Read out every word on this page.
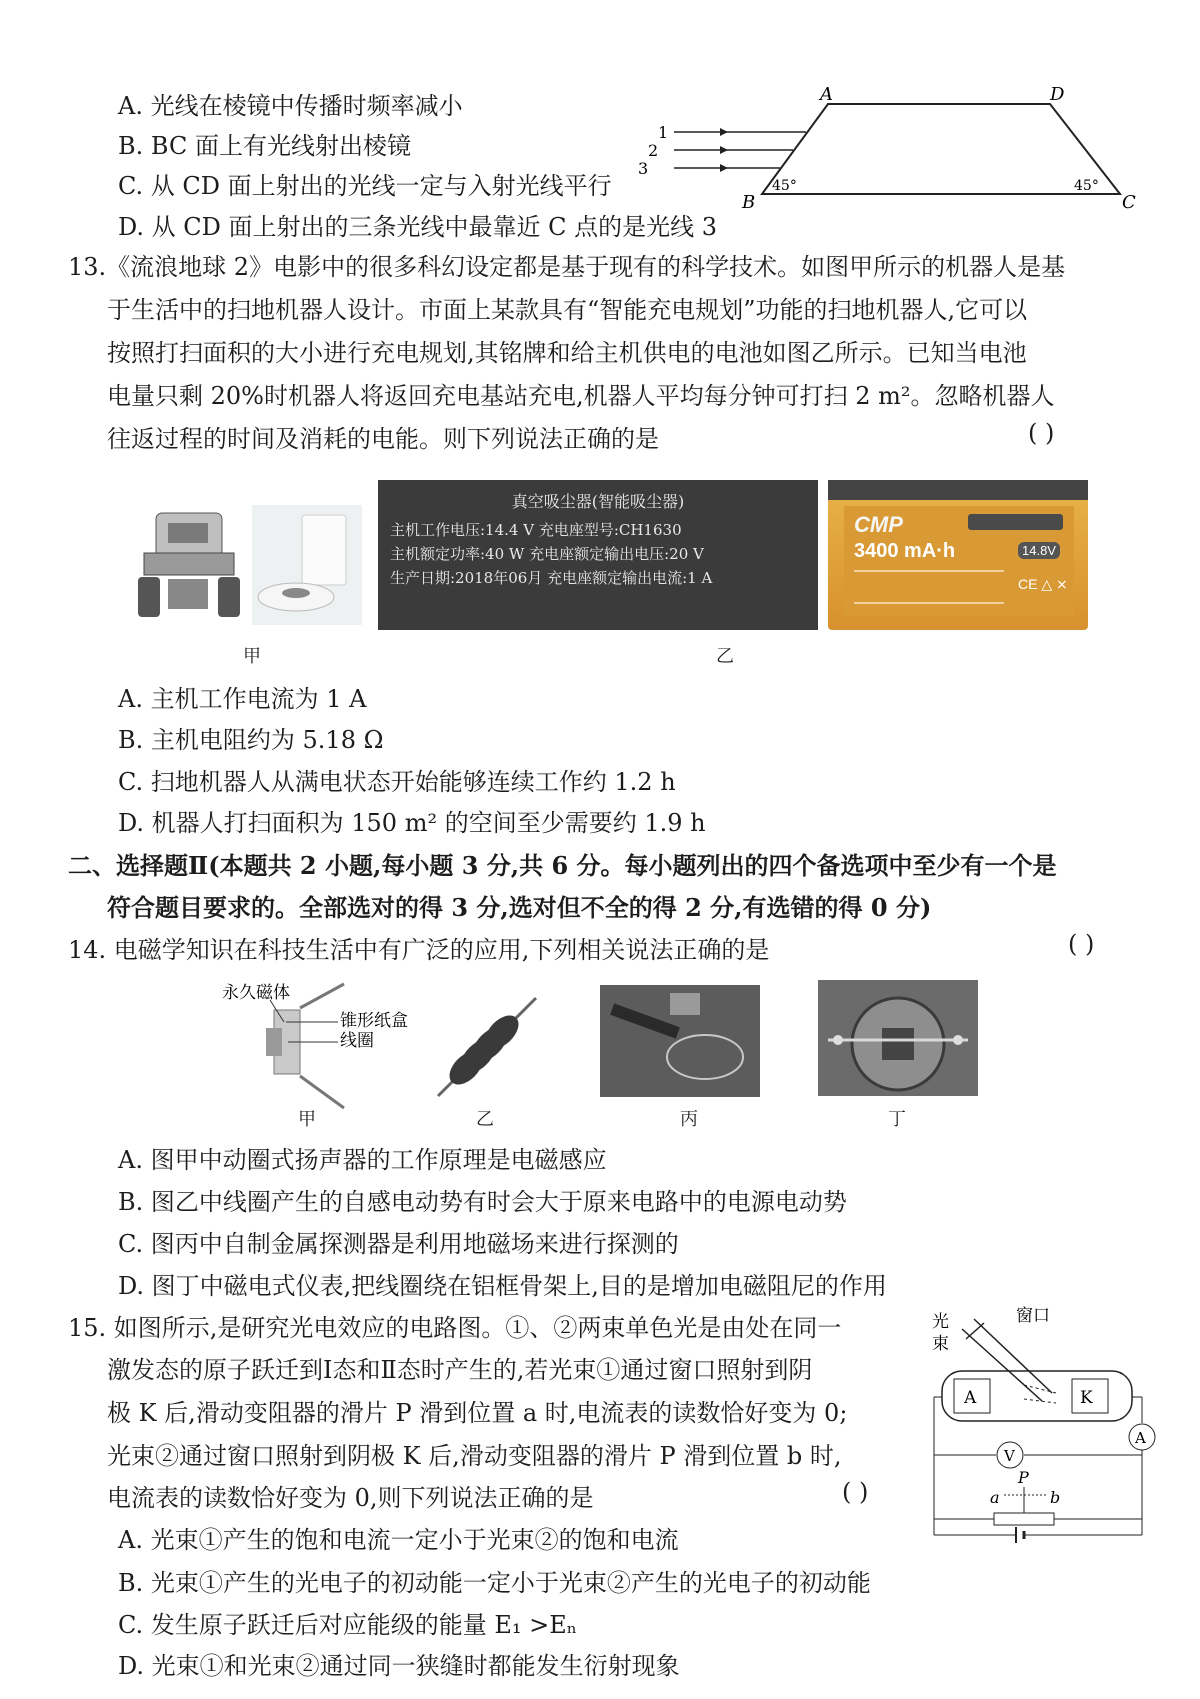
A. 光线在棱镜中传播时频率减小
B. BC 面上有光线射出棱镜
C. 从 CD 面上射出的光线一定与入射光线平行
D. 从 CD 面上射出的三条光线中最靠近 C 点的是光线 3
A	D
B	C
45°	45°
1
2
3
13.《流浪地球 2》电影中的很多科幻设定都是基于现有的科学技术。如图甲所示的机器人是基
于生活中的扫地机器人设计。市面上某款具有“智能充电规划”功能的扫地机器人,它可以
按照打扫面积的大小进行充电规划,其铭牌和给主机供电的电池如图乙所示。已知当电池
电量只剩 20%时机器人将返回充电基站充电,机器人平均每分钟可打扫 2 m²。忽略机器人
往返过程的时间及消耗的电能。则下列说法正确的是	( )
甲
真空吸尘器(智能吸尘器)
主机工作电压:14.4 V 充电座型号:CH1630
主机额定功率:40 W 充电座额定输出电压:20 V
生产日期:2018年06月 充电座额定输出电流:1 A
CMP
3400 mA·h	14.8V
CE △ ⨯
乙
A. 主机工作电流为 1 A
B. 主机电阻约为 5.18 Ω
C. 扫地机器人从满电状态开始能够连续工作约 1.2 h
D. 机器人打扫面积为 150 m² 的空间至少需要约 1.9 h
二、选择题Ⅱ(本题共 2 小题,每小题 3 分,共 6 分。每小题列出的四个备选项中至少有一个是
符合题目要求的。全部选对的得 3 分,选对但不全的得 2 分,有选错的得 0 分)
14. 电磁学知识在科技生活中有广泛的应用,下列相关说法正确的是	( )
永久磁体
锥形纸盒
线圈
甲	乙	丙	丁
A. 图甲中动圈式扬声器的工作原理是电磁感应
B. 图乙中线圈产生的自感电动势有时会大于原来电路中的电源电动势
C. 图丙中自制金属探测器是利用地磁场来进行探测的
D. 图丁中磁电式仪表,把线圈绕在铝框骨架上,目的是增加电磁阻尼的作用
15. 如图所示,是研究光电效应的电路图。①、②两束单色光是由处在同一
激发态的原子跃迁到Ⅰ态和Ⅱ态时产生的,若光束①通过窗口照射到阴
极 K 后,滑动变阻器的滑片 P 滑到位置 a 时,电流表的读数恰好变为 0;
光束②通过窗口照射到阴极 K 后,滑动变阻器的滑片 P 滑到位置 b 时,
电流表的读数恰好变为 0,则下列说法正确的是	( )
光
束
窗口
A	K
A
V
P
a	b
A. 光束①产生的饱和电流一定小于光束②的饱和电流
B. 光束①产生的光电子的初动能一定小于光束②产生的光电子的初动能
C. 发生原子跃迁后对应能级的能量 E₁ >Eₙ
D. 光束①和光束②通过同一狭缝时都能发生衍射现象
